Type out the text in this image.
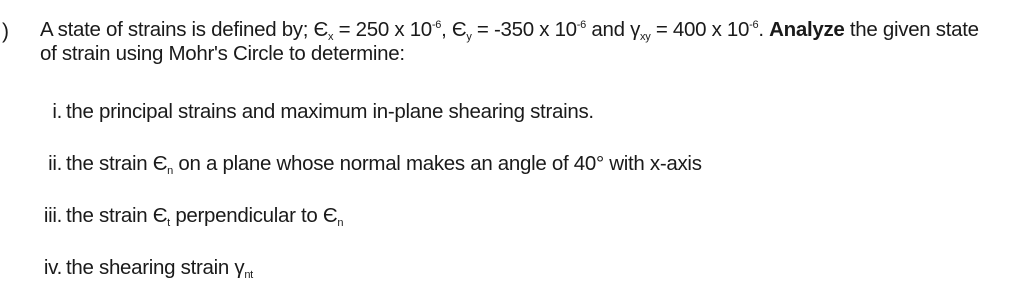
) A state of strains is defined by; $Є_x = 250$ x $10^{-6}$, $Є_y = -350$ x $10^{-6}$ and $\gamma_{xy} = 400$ x $10^{-6}$. Analyze the given state of strain using Mohr's Circle to determine:
i. the principal strains and maximum in-plane shearing strains.
ii. the strain $Є_n$ on a plane whose normal makes an angle of 40° with x-axis
iii. the strain $Є_t$ perpendicular to $Є_n$
iv. the shearing strain $\gamma_{nt}$
